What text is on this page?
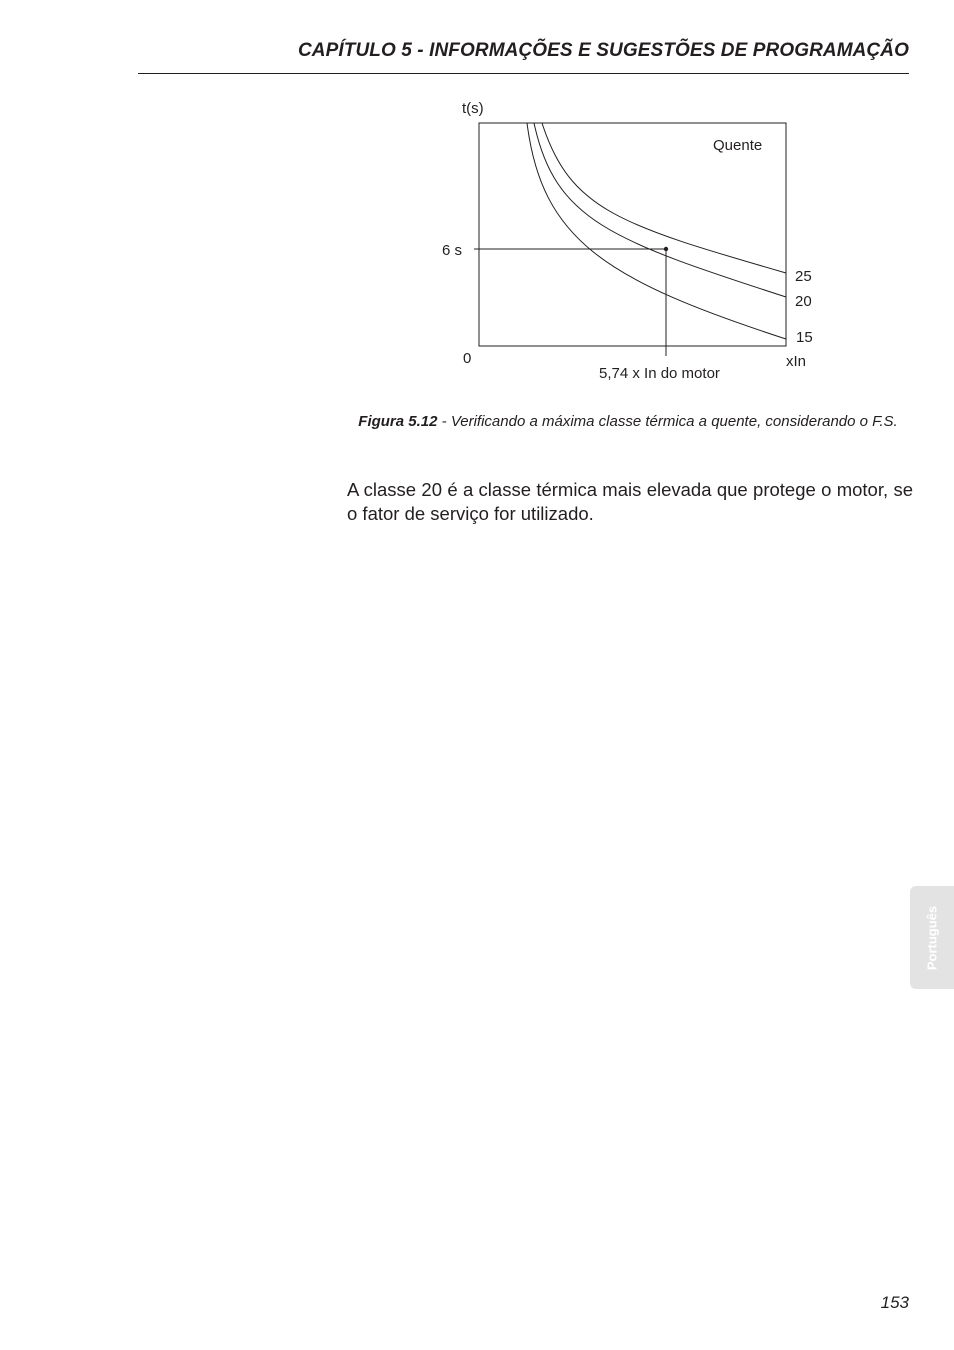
CAPÍTULO 5 - INFORMAÇÕES E SUGESTÕES DE PROGRAMAÇÃO
t(s)
Quente
6 s
0	xIn
5,74 x In do motor
25
20
15
Figura 5.12 - Verificando a máxima classe térmica a quente, considerando o F.S.
A classe 20 é a classe térmica mais elevada que protege o motor, se o fator de serviço for utilizado.
Português
153
